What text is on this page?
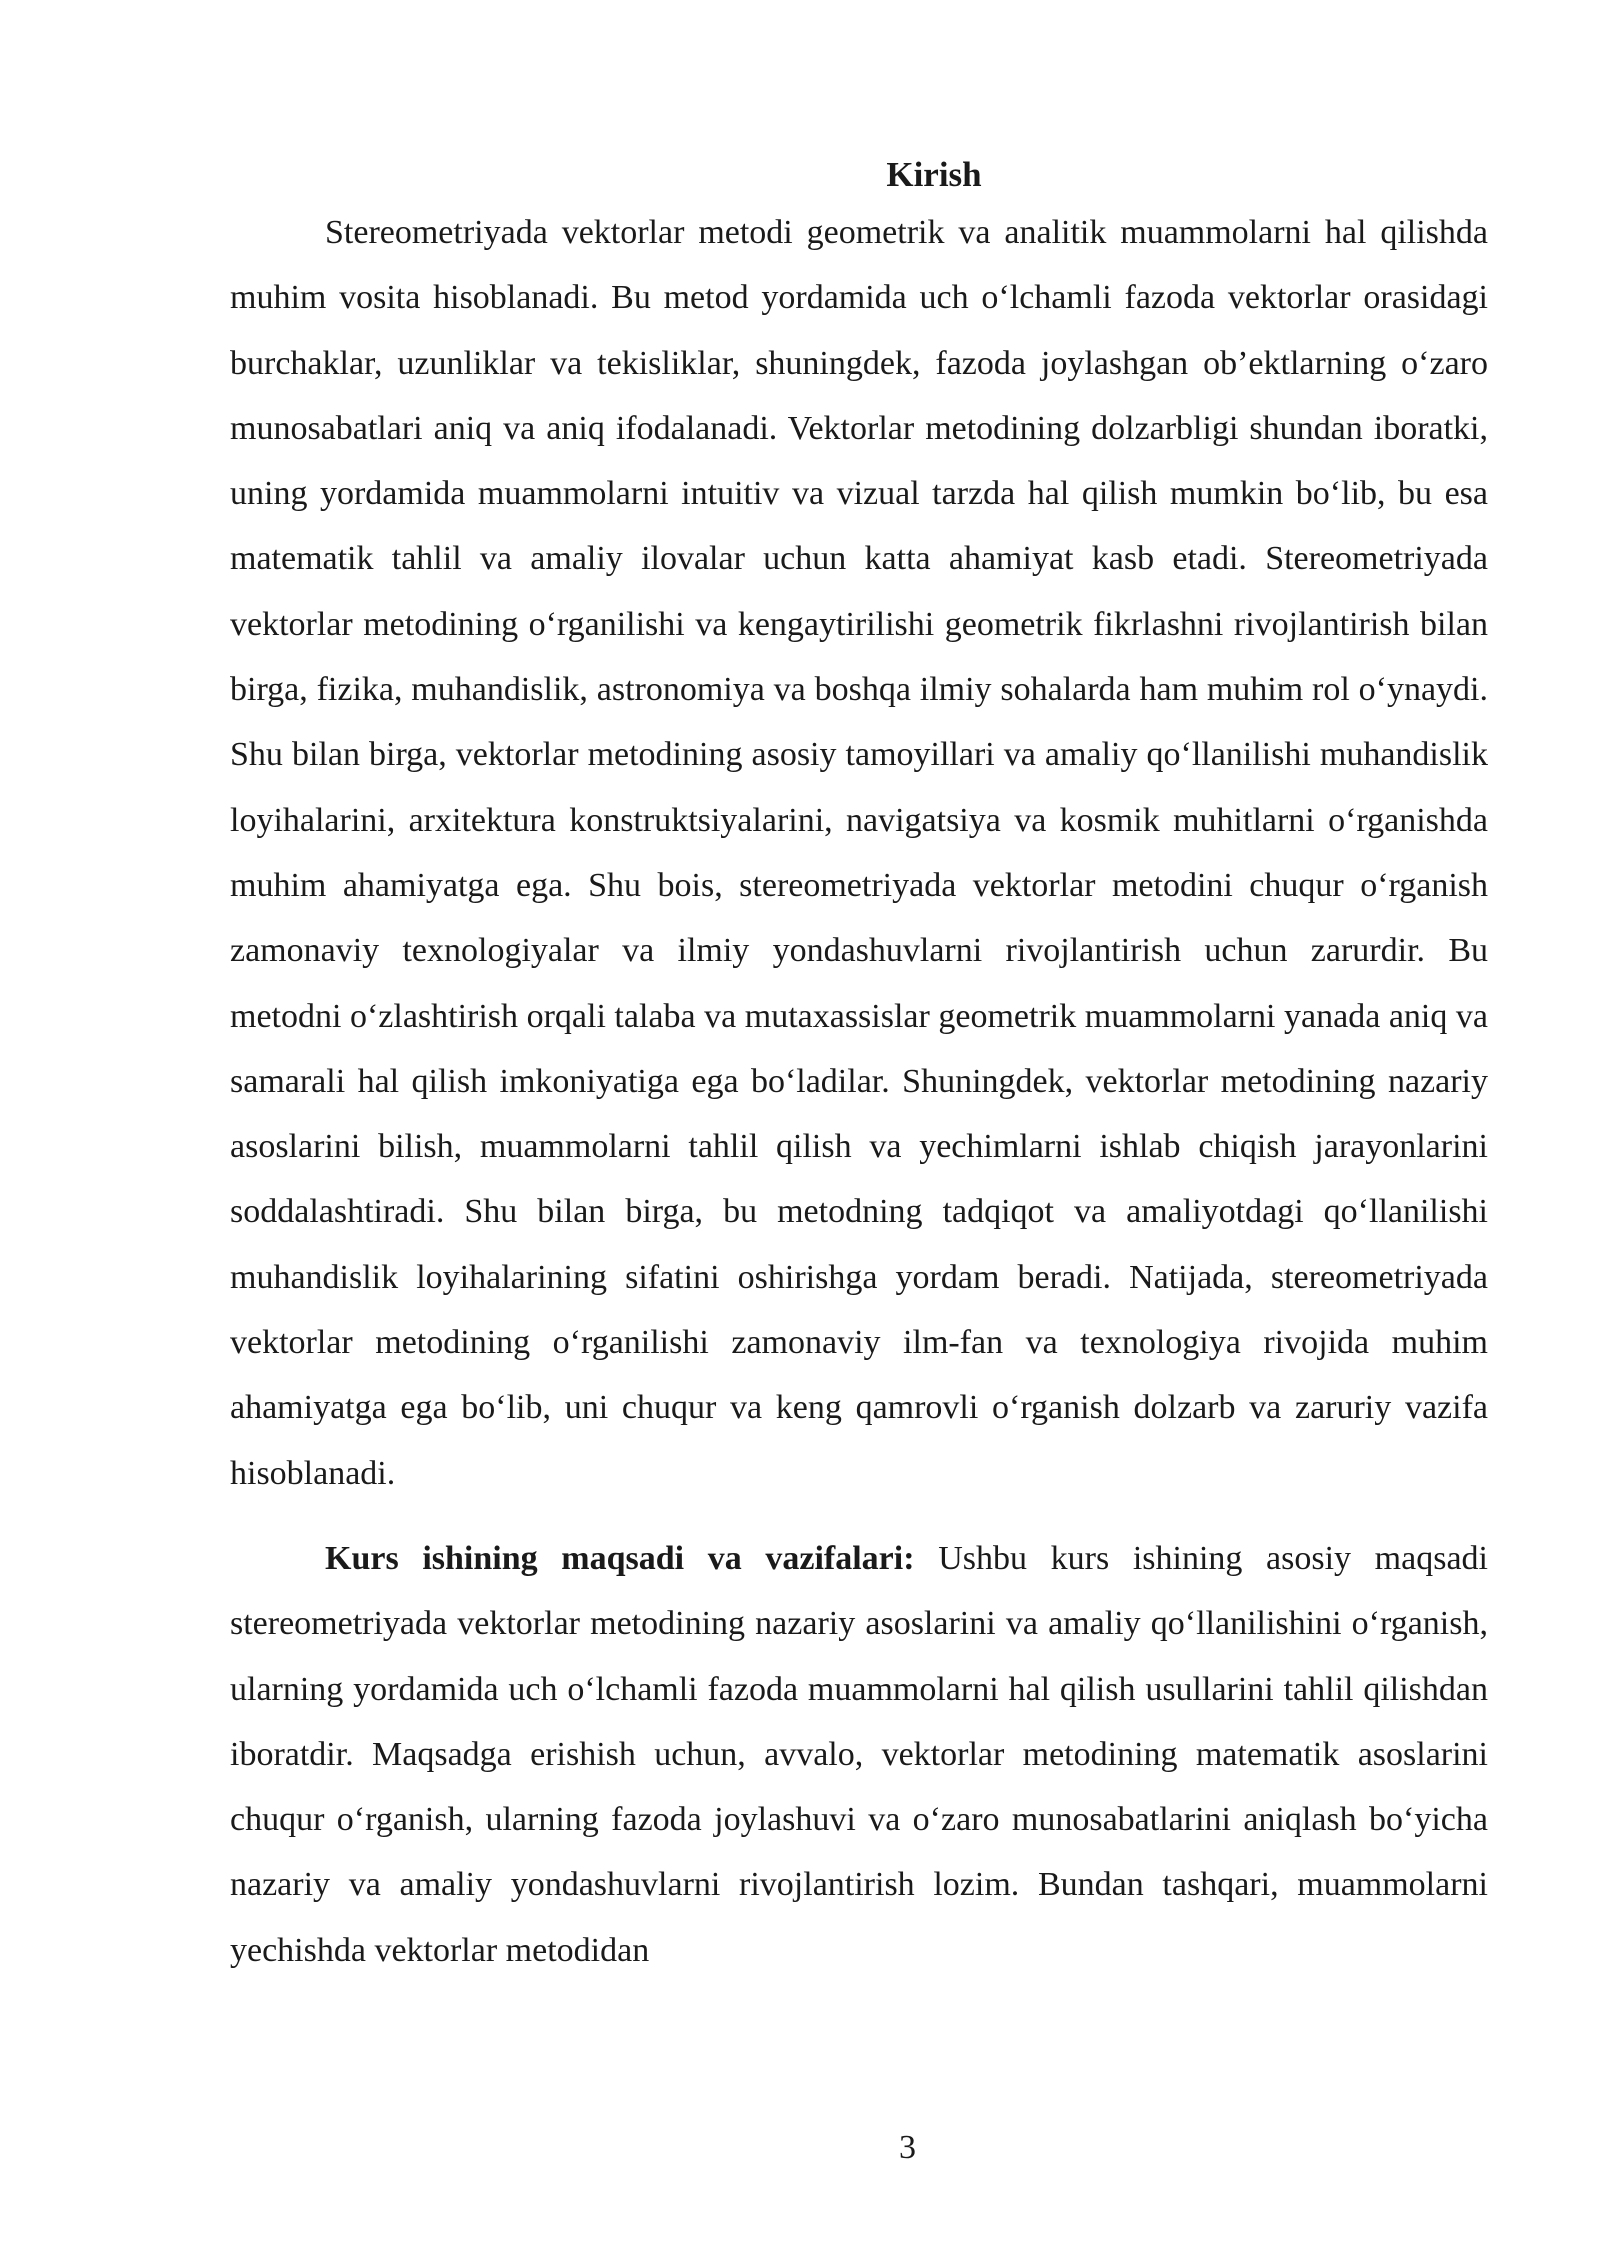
Kirish

Stereometriyada vektorlar metodi geometrik va analitik muammolarni hal qilishda muhim vosita hisoblanadi. Bu metod yordamida uch o‘lchamli fazoda vektorlar orasidagi burchaklar, uzunliklar va tekisliklar, shuningdek, fazoda joylashgan ob’ektlarning o‘zaro munosabatlari aniq va aniq ifodalanadi. Vektorlar metodining dolzarbligi shundan iboratki, uning yordamida muammolarni intuitiv va vizual tarzda hal qilish mumkin bo‘lib, bu esa matematik tahlil va amaliy ilovalar uchun katta ahamiyat kasb etadi. Stereometriyada vektorlar metodining o‘rganilishi va kengaytirilishi geometrik fikrlashni rivojlantirish bilan birga, fizika, muhandislik, astronomiya va boshqa ilmiy sohalarda ham muhim rol o‘ynaydi. Shu bilan birga, vektorlar metodining asosiy tamoyillari va amaliy qo‘llanilishi muhandislik loyihalarini, arxitektura konstruktsiyalarini, navigatsiya va kosmik muhitlarni o‘rganishda muhim ahamiyatga ega. Shu bois, stereometriyada vektorlar metodini chuqur o‘rganish zamonaviy texnologiyalar va ilmiy yondashuvlarni rivojlantirish uchun zarurdir. Bu metodni o‘zlashtirish orqali talaba va mutaxassislar geometrik muammolarni yanada aniq va samarali hal qilish imkoniyatiga ega bo‘ladilar. Shuningdek, vektorlar metodining nazariy asoslarini bilish, muammolarni tahlil qilish va yechimlarni ishlab chiqish jarayonlarini soddalashtiradi. Shu bilan birga, bu metodning tadqiqot va amaliyotdagi qo‘llanilishi muhandislik loyihalarining sifatini oshirishga yordam beradi. Natijada, stereometriyada vektorlar metodining o‘rganilishi zamonaviy ilm-fan va texnologiya rivojida muhim ahamiyatga ega bo‘lib, uni chuqur va keng qamrovli o‘rganish dolzarb va zaruriy vazifa hisoblanadi.

Kurs ishining maqsadi va vazifalari: Ushbu kurs ishining asosiy maqsadi stereometriyada vektorlar metodining nazariy asoslarini va amaliy qo‘llanilishini o‘rganish, ularning yordamida uch o‘lchamli fazoda muammolarni hal qilish usullarini tahlil qilishdan iboratdir. Maqsadga erishish uchun, avvalo, vektorlar metodining matematik asoslarini chuqur o‘rganish, ularning fazoda joylashuvi va o‘zaro munosabatlarini aniqlash bo‘yicha nazariy va amaliy yondashuvlarni rivojlantirish lozim. Bundan tashqari, muammolarni yechishda vektorlar metodidan

3
